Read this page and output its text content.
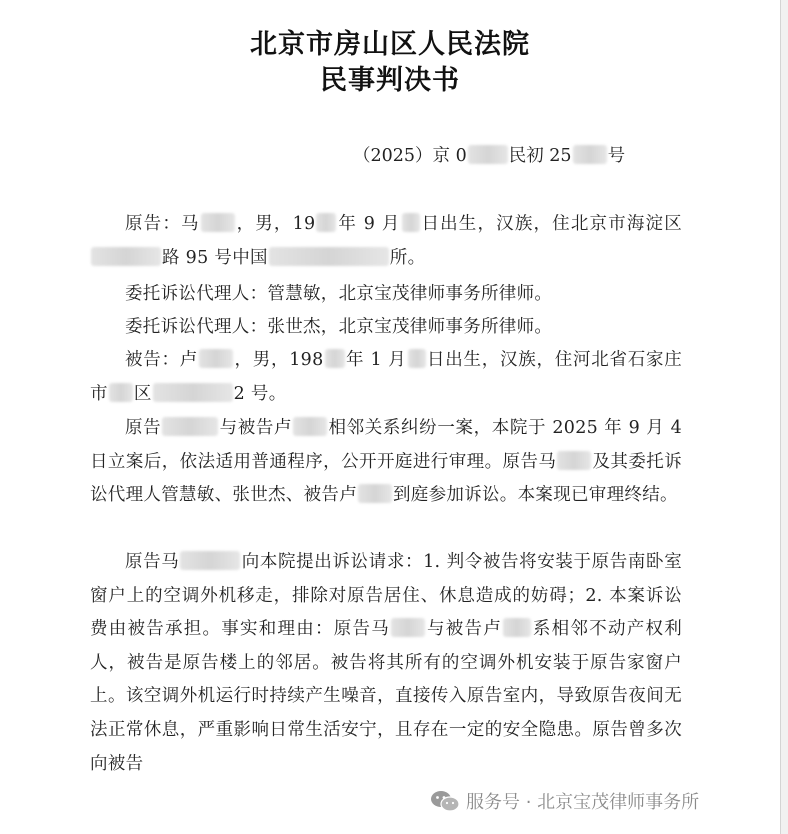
北京市房山区人民法院
民事判决书
（2025）京 0 民初 25 号
原告：马 ，男，19 年 9 月 日出生，汉族，住北京市海淀区路 95 号中国	所。
委托诉讼代理人：管慧敏，北京宝茂律师事务所律师。
委托诉讼代理人：张世杰，北京宝茂律师事务所律师。
被告：卢 ，男，198 年 1 月 日出生，汉族，住河北省石家庄市 区	2 号。
原告	与被告卢 相邻关系纠纷一案，本院于 2025 年 9 月 4 日立案后，依法适用普通程序，公开开庭进行审理。原告马 及其委托诉讼代理人管慧敏、张世杰、被告卢 到庭参加诉讼。本案现已审理终结。
原告马	向本院提出诉讼请求：1. 判令被告将安装于原告南卧室窗户上的空调外机移走，排除对原告居住、休息造成的妨碍；2. 本案诉讼费由被告承担。事实和理由：原告马 与被告卢 系相邻不动产权利人，被告是原告楼上的邻居。被告将其所有的空调外机安装于原告家窗户上。该空调外机运行时持续产生噪音，直接传入原告室内，导致原告夜间无法正常休息，严重影响日常生活安宁，且存在一定的安全隐患。原告曾多次向被告
服务号 · 北京宝茂律师事务所
